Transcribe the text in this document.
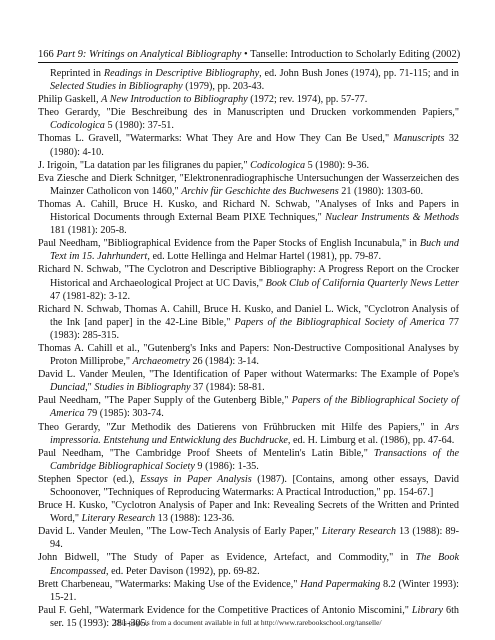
166 Part 9: Writings on Analytical Bibliography • Tanselle: Introduction to Scholarly Editing (2002)

Reprinted in Readings in Descriptive Bibliography, ed. John Bush Jones (1974), pp. 71-115; and in Selected Studies in Bibliography (1979), pp. 203-43.

Philip Gaskell, A New Introduction to Bibliography (1972; rev. 1974), pp. 57-77.

Theo Gerardy, "Die Beschreibung des in Manuscripten und Drucken vorkommenden Papiers," Codicologica 5 (1980): 37-51.

Thomas L. Gravell, "Watermarks: What They Are and How They Can Be Used," Manuscripts 32 (1980): 4-10.

J. Irigoin, "La datation par les filigranes du papier," Codicologica 5 (1980): 9-36.

Eva Ziesche and Dierk Schnitger, "Elektronenradiographische Untersuchungen der Wasserzeichen des Mainzer Catholicon von 1460," Archiv für Geschichte des Buchwesens 21 (1980): 1303-60.

Thomas A. Cahill, Bruce H. Kusko, and Richard N. Schwab, "Analyses of Inks and Papers in Historical Documents through External Beam PIXE Techniques," Nuclear Instruments & Methods 181 (1981): 205-8.

Paul Needham, "Bibliographical Evidence from the Paper Stocks of English Incunabula," in Buch und Text im 15. Jahrhundert, ed. Lotte Hellinga and Helmar Hartel (1981), pp. 79-87.

Richard N. Schwab, "The Cyclotron and Descriptive Bibliography: A Progress Report on the Crocker Historical and Archaeological Project at UC Davis," Book Club of California Quarterly News Letter 47 (1981-82): 3-12.

Richard N. Schwab, Thomas A. Cahill, Bruce H. Kusko, and Daniel L. Wick, "Cyclotron Analysis of the Ink [and paper] in the 42-Line Bible," Papers of the Bibliographical Society of America 77 (1983): 285-315.

Thomas A. Cahill et al., "Gutenberg's Inks and Papers: Non-Destructive Compositional Analyses by Proton Milliprobe," Archaeometry 26 (1984): 3-14.

David L. Vander Meulen, "The Identification of Paper without Watermarks: The Example of Pope's Dunciad," Studies in Bibliography 37 (1984): 58-81.

Paul Needham, "The Paper Supply of the Gutenberg Bible," Papers of the Bibliographical Society of America 79 (1985): 303-74.

Theo Gerardy, "Zur Methodik des Datierens von Frühbrucken mit Hilfe des Papiers," in Ars impressoria. Entstehung und Entwicklung des Buchdrucke, ed. H. Limburg et al. (1986), pp. 47-64.

Paul Needham, "The Cambridge Proof Sheets of Mentelin's Latin Bible," Transactions of the Cambridge Bibliographical Society 9 (1986): 1-35.

Stephen Spector (ed.), Essays in Paper Analysis (1987). [Contains, among other essays, David Schoonover, "Techniques of Reproducing Watermarks: A Practical Introduction," pp. 154-67.]

Bruce H. Kusko, "Cyclotron Analysis of Paper and Ink: Revealing Secrets of the Written and Printed Word," Literary Research 13 (1988): 123-36.

David L. Vander Meulen, "The Low-Tech Analysis of Early Paper," Literary Research 13 (1988): 89-94.

John Bidwell, "The Study of Paper as Evidence, Artefact, and Commodity," in The Book Encompassed, ed. Peter Davison (1992), pp. 69-82.

Brett Charbeneau, "Watermarks: Making Use of the Evidence," Hand Papermaking 8.2 (Winter 1993): 15-21.

Paul F. Gehl, "Watermark Evidence for the Competitive Practices of Antonio Miscomini," Library 6th ser. 15 (1993): 281-305.

This page is from a document available in full at http://www.rarebookschool.org/tanselle/
